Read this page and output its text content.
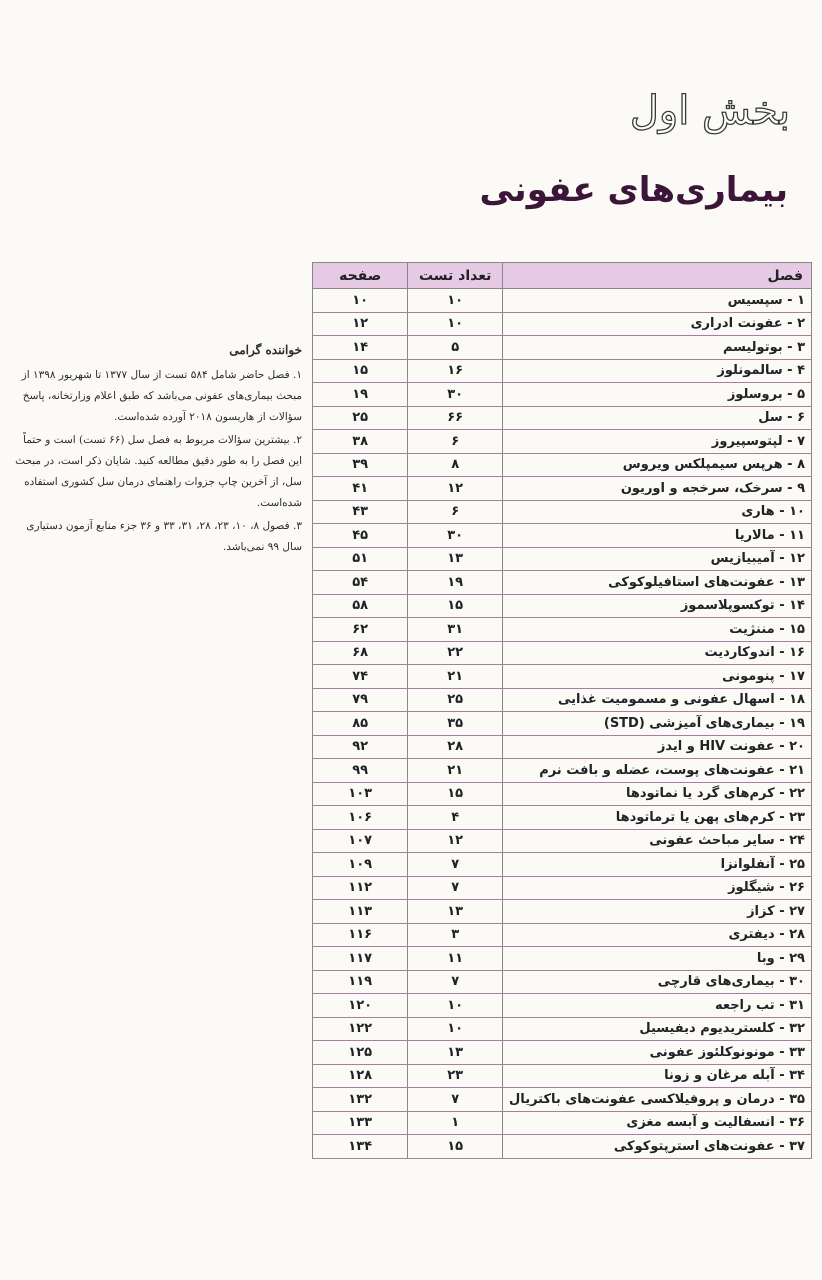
بخش اول
بیماری‌های عفونی
فصل	تعداد تست	صفحه
۱ - سپسیس	۱۰	۱۰
۲ - عفونت ادراری	۱۰	۱۲
۳ - بوتولیسم	۵	۱۴
۴ - سالمونلوز	۱۶	۱۵
۵ - بروسلوز	۳۰	۱۹
۶ - سل	۶۶	۲۵
۷ - لپتوسپیروز	۶	۳۸
۸ - هرپس سیمپلکس ویروس	۸	۳۹
۹ - سرخک، سرخجه و اوریون	۱۲	۴۱
۱۰ - هاری	۶	۴۳
۱۱ - مالاریا	۳۰	۴۵
۱۲ - آمیبیازیس	۱۳	۵۱
۱۳ - عفونت‌های استافیلوکوکی	۱۹	۵۴
۱۴ - توکسوپلاسموز	۱۵	۵۸
۱۵ - مننژیت	۳۱	۶۲
۱۶ - اندوکاردیت	۲۲	۶۸
۱۷ - پنومونی	۲۱	۷۴
۱۸ - اسهال عفونی و مسمومیت غذایی	۲۵	۷۹
۱۹ - بیماری‌های آمیزشی (STD)	۳۵	۸۵
۲۰ - عفونت HIV و ایدز	۲۸	۹۲
۲۱ - عفونت‌های پوست، عضله و بافت نرم	۲۱	۹۹
۲۲ - کرم‌های گرد یا نماتودها	۱۵	۱۰۳
۲۳ - کرم‌های پهن یا ترماتودها	۴	۱۰۶
۲۴ - سایر مباحث عفونی	۱۲	۱۰۷
۲۵ - آنفلوانزا	۷	۱۰۹
۲۶ - شیگلوز	۷	۱۱۲
۲۷ - کزاز	۱۳	۱۱۳
۲۸ - دیفتری	۳	۱۱۶
۲۹ - وبا	۱۱	۱۱۷
۳۰ - بیماری‌های قارچی	۷	۱۱۹
۳۱ - تب راجعه	۱۰	۱۲۰
۳۲ - کلستریدیوم دیفیسیل	۱۰	۱۲۲
۳۳ - مونونوکلئوز عفونی	۱۳	۱۲۵
۳۴ - آبله مرغان و زونا	۲۳	۱۲۸
۳۵ - درمان و پروفیلاکسی عفونت‌های باکتریال	۷	۱۳۲
۳۶ - انسفالیت و آبسه مغزی	۱	۱۳۳
۳۷ - عفونت‌های استرپتوکوکی	۱۵	۱۳۴
خواننده گرامی

۱. فصل حاضر شامل ۵۸۴ تست از سال ۱۳۷۷ تا شهریور ۱۳۹۸ از مبحث بیماری‌های عفونی می‌باشد که طبق اعلام وزارتخانه، پاسخ سؤالات از هاریسون ۲۰۱۸ آورده شده‌است.

۲. بیشترین سؤالات مربوط به فصل سل (۶۶ تست) است و حتماً این فصل را به طور دقیق مطالعه کنید. شایان ذکر است، در مبحث سل، از آخرین چاپ جزوات راهنمای درمان سل کشوری استفاده شده‌است.

۳. فصول ۸، ۱۰، ۲۳، ۲۸، ۳۱، ۳۳ و ۳۶ جزء منابع آزمون دستیاری سال ۹۹ نمی‌باشد.
